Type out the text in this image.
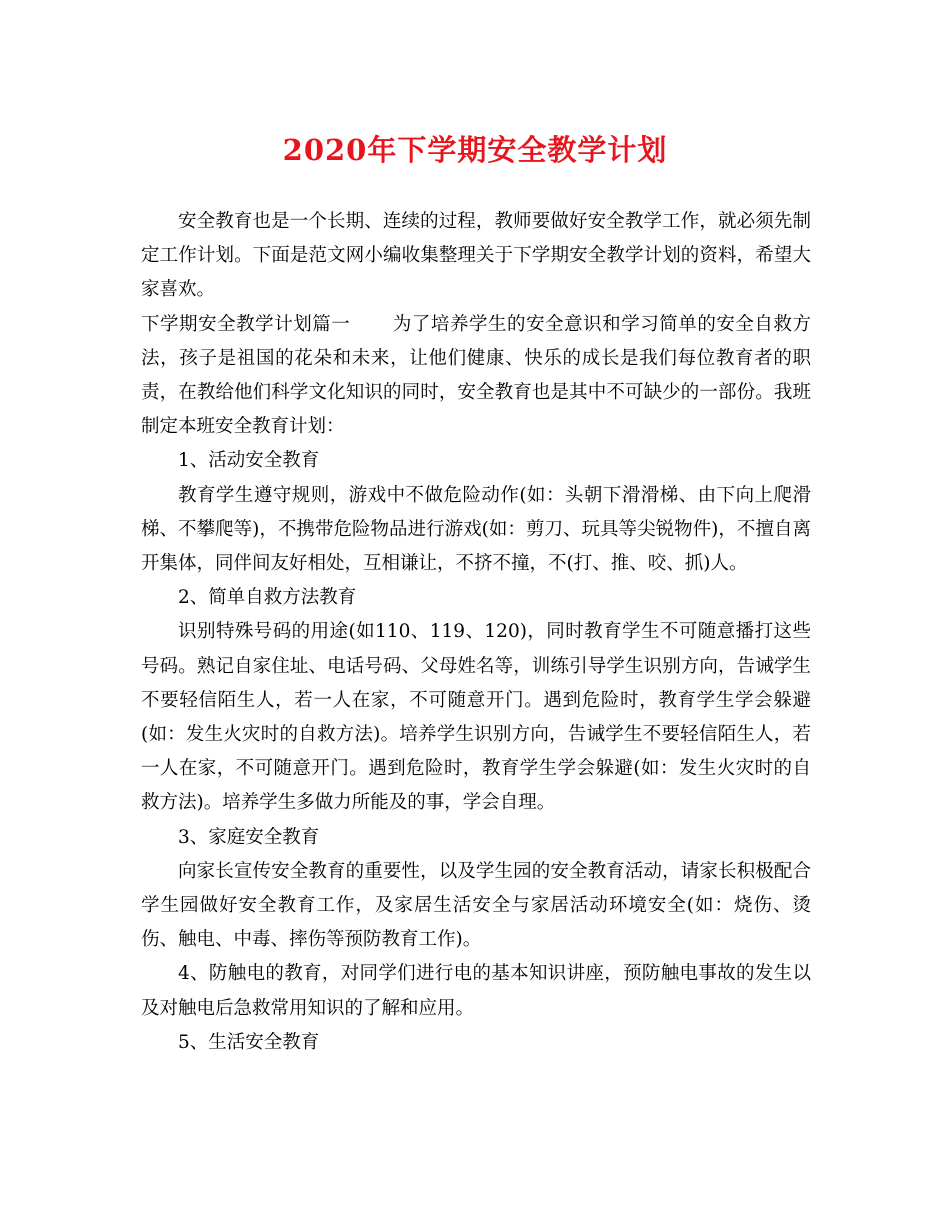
2020年下学期安全教学计划

安全教育也是一个长期、连续的过程，教师要做好安全教学工作，就必须先制定工作计划。下面是范文网小编收集整理关于下学期安全教学计划的资料，希望大家喜欢。

下学期安全教学计划篇一 为了培养学生的安全意识和学习简单的安全自救方法，孩子是祖国的花朵和未来，让他们健康、快乐的成长是我们每位教育者的职责，在教给他们科学文化知识的同时，安全教育也是其中不可缺少的一部份。我班制定本班安全教育计划：

1、活动安全教育

教育学生遵守规则，游戏中不做危险动作(如：头朝下滑滑梯、由下向上爬滑梯、不攀爬等)，不携带危险物品进行游戏(如：剪刀、玩具等尖锐物件)，不擅自离开集体，同伴间友好相处，互相谦让，不挤不撞，不(打、推、咬、抓)人。

2、简单自救方法教育

识别特殊号码的用途(如110、119、120)，同时教育学生不可随意播打这些号码。熟记自家住址、电话号码、父母姓名等，训练引导学生识别方向，告诫学生不要轻信陌生人，若一人在家，不可随意开门。遇到危险时，教育学生学会躲避(如：发生火灾时的自救方法)。培养学生识别方向，告诫学生不要轻信陌生人，若一人在家，不可随意开门。遇到危险时，教育学生学会躲避(如：发生火灾时的自救方法)。培养学生多做力所能及的事，学会自理。

3、家庭安全教育

向家长宣传安全教育的重要性，以及学生园的安全教育活动，请家长积极配合学生园做好安全教育工作，及家居生活安全与家居活动环境安全(如：烧伤、烫伤、触电、中毒、摔伤等预防教育工作)。

4、防触电的教育，对同学们进行电的基本知识讲座，预防触电事故的发生以及对触电后急救常用知识的了解和应用。

5、生活安全教育
